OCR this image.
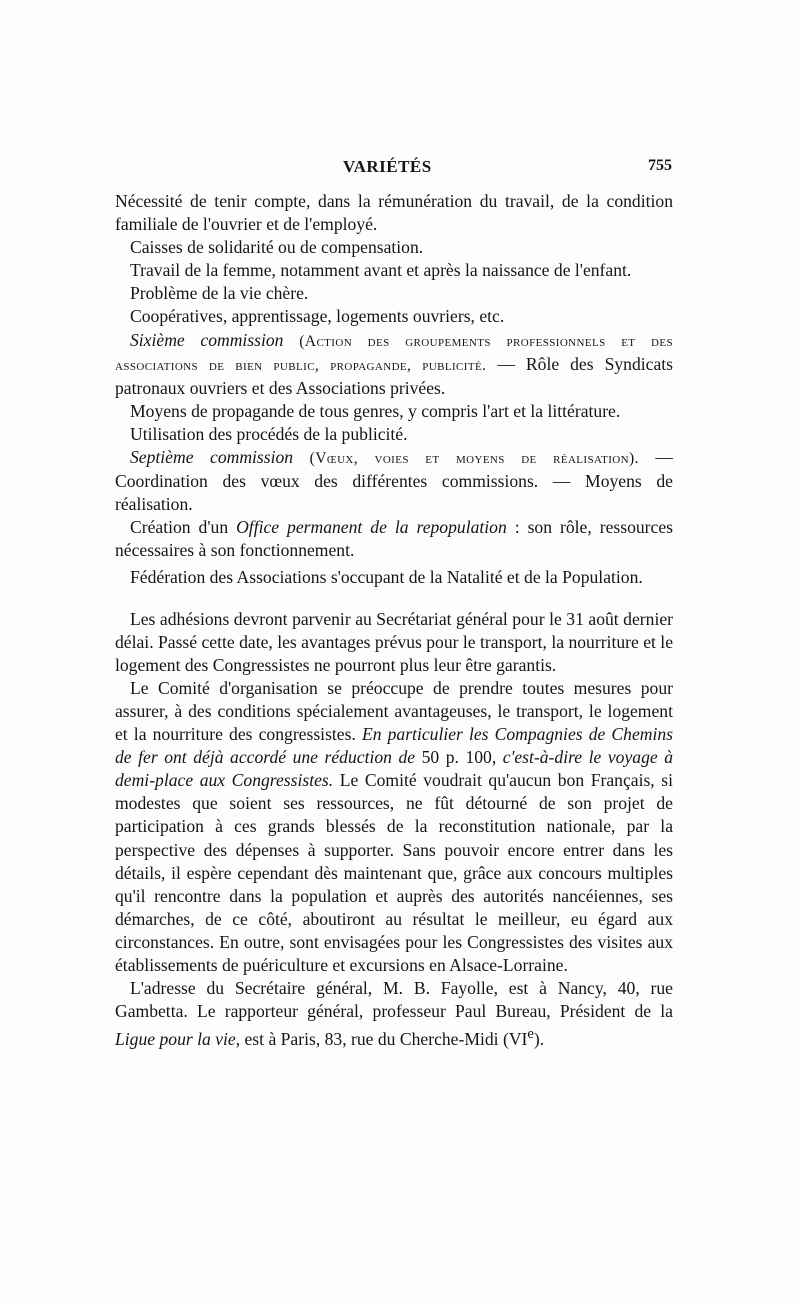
VARIÉTÉS	755

Nécessité de tenir compte, dans la rémunération du travail, de la condition familiale de l'ouvrier et de l'employé.

Caisses de solidarité ou de compensation.

Travail de la femme, notamment avant et après la naissance de l'enfant.

Problème de la vie chère.

Coopératives, apprentissage, logements ouvriers, etc.

Sixième commission (Action des groupements professionnels et des associations de bien public, propagande, publicité. — Rôle des Syndicats patronaux ouvriers et des Associations privées.

Moyens de propagande de tous genres, y compris l'art et la littérature.

Utilisation des procédés de la publicité.

Septième commission (Vœux, voies et moyens de réalisation). — Coordination des vœux des différentes commissions. — Moyens de réalisation.

Création d'un Office permanent de la repopulation : son rôle, ressources nécessaires à son fonctionnement.

Fédération des Associations s'occupant de la Natalité et de la Population.

Les adhésions devront parvenir au Secrétariat général pour le 31 août dernier délai. Passé cette date, les avantages prévus pour le transport, la nourriture et le logement des Congressistes ne pourront plus leur être garantis.

Le Comité d'organisation se préoccupe de prendre toutes mesures pour assurer, à des conditions spécialement avantageuses, le transport, le logement et la nourriture des congressistes. En particulier les Compagnies de Chemins de fer ont déjà accordé une réduction de 50 p. 100, c'est-à-dire le voyage à demi-place aux Congressistes. Le Comité voudrait qu'aucun bon Français, si modestes que soient ses ressources, ne fût détourné de son projet de participation à ces grands blessés de la reconstitution nationale, par la perspective des dépenses à supporter. Sans pouvoir encore entrer dans les détails, il espère cependant dès maintenant que, grâce aux concours multiples qu'il rencontre dans la population et auprès des autorités nancéiennes, ses démarches, de ce côté, aboutiront au résultat le meilleur, eu égard aux circonstances. En outre, sont envisagées pour les Congressistes des visites aux établissements de puériculture et excursions en Alsace-Lorraine.

L'adresse du Secrétaire général, M. B. Fayolle, est à Nancy, 40, rue Gambetta. Le rapporteur général, professeur Paul Bureau, Président de la Ligue pour la vie, est à Paris, 83, rue du Cherche-Midi (VIe).
